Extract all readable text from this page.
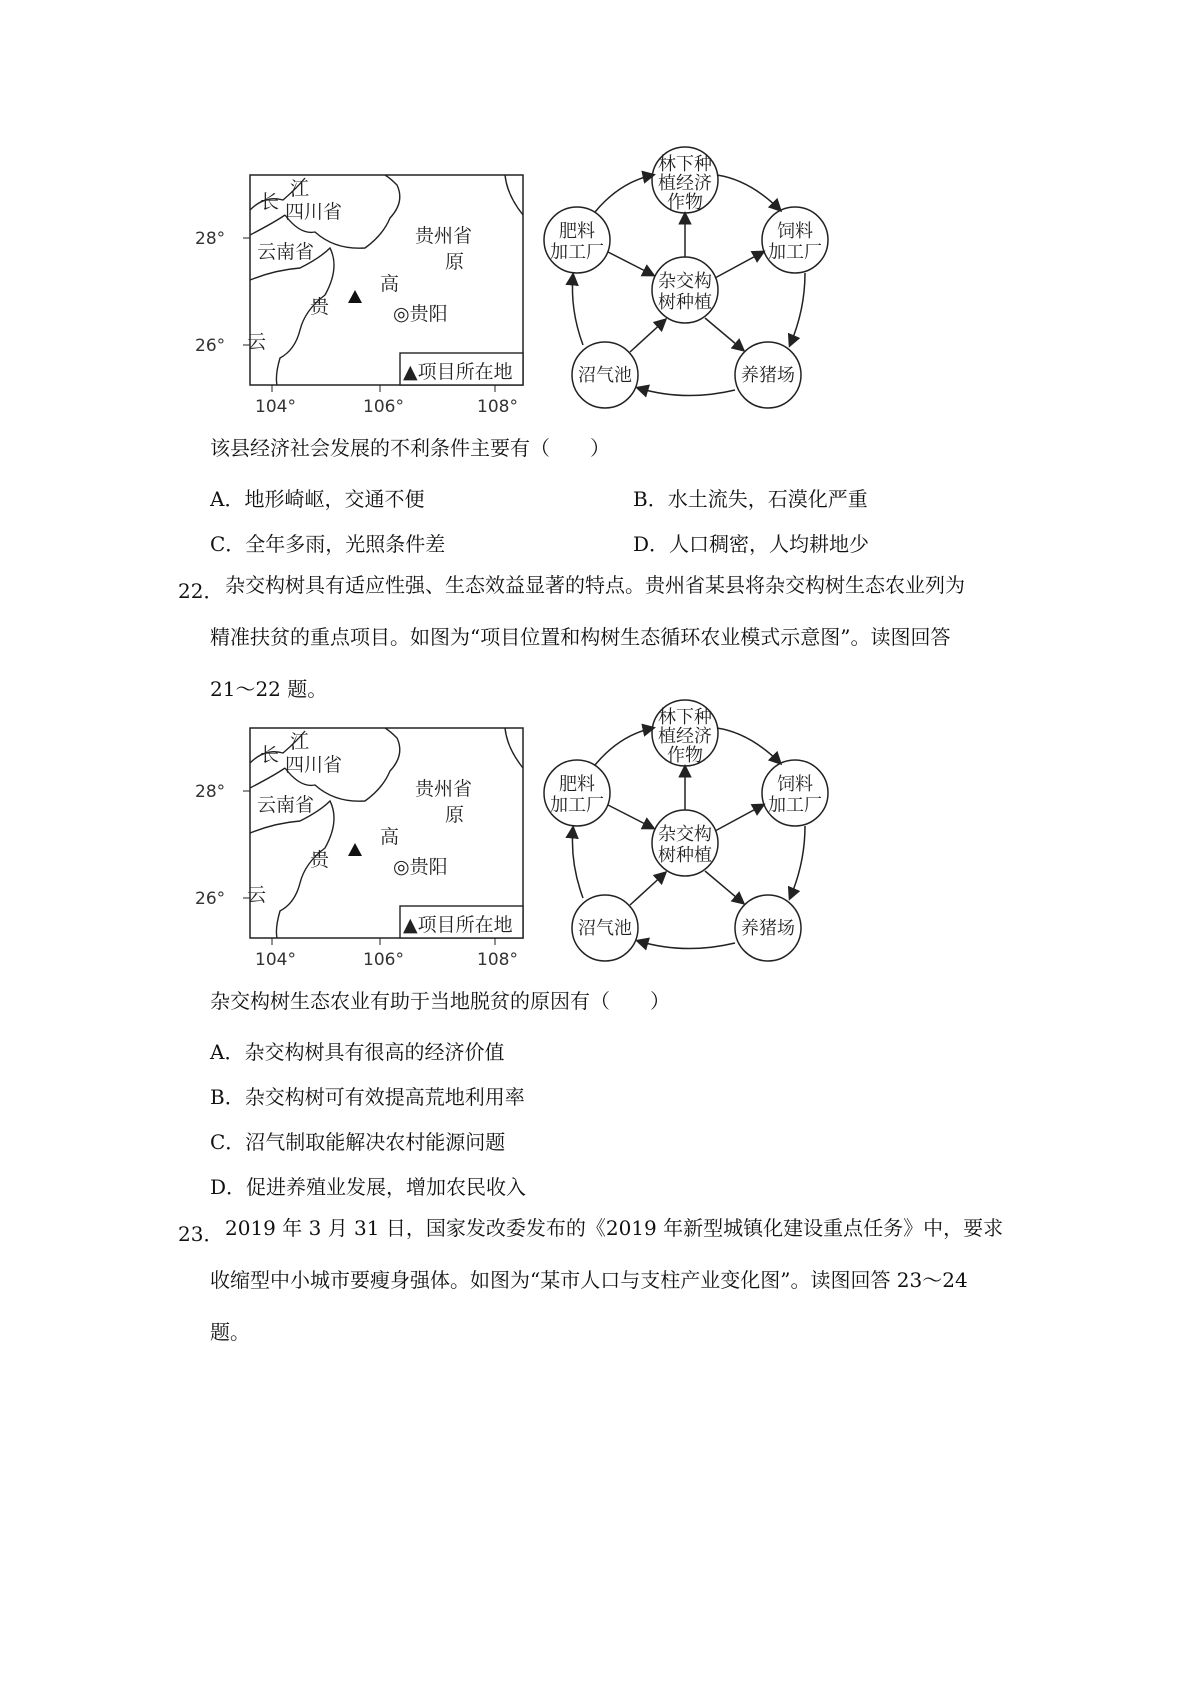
长
江
四川省
贵州省
云南省	原
高
贵	◎贵阳
云
▲项目所在地
28°
26°
104°	106°	108°
林下种
植经济
作物
肥料
加工厂
饲料
加工厂
杂交构
树种植
沼气池	养猪场
该县经济社会发展的不利条件主要有（　　）
A．地形崎岖，交通不便	B．水土流失，石漠化严重
C．全年多雨，光照条件差	D．人口稠密，人均耕地少
22． 杂交构树具有适应性强、生态效益显著的特点。贵州省某县将杂交构树生态农业列为
精准扶贫的重点项目。如图为“项目位置和构树生态循环农业模式示意图”。读图回答
21～22 题。
长
江
四川省
贵州省
云南省	原
高
贵	◎贵阳
云
▲项目所在地
28°
26°
104°	106°	108°
林下种
植经济
作物
肥料
加工厂
饲料
加工厂
杂交构
树种植
沼气池	养猪场
杂交构树生态农业有助于当地脱贫的原因有（　　）
A．杂交构树具有很高的经济价值
B．杂交构树可有效提高荒地利用率
C．沼气制取能解决农村能源问题
D．促进养殖业发展，增加农民收入
23． 2019 年 3 月 31 日，国家发改委发布的《2019 年新型城镇化建设重点任务》中，要求
收缩型中小城市要瘦身强体。如图为“某市人口与支柱产业变化图”。读图回答 23～24
题。
